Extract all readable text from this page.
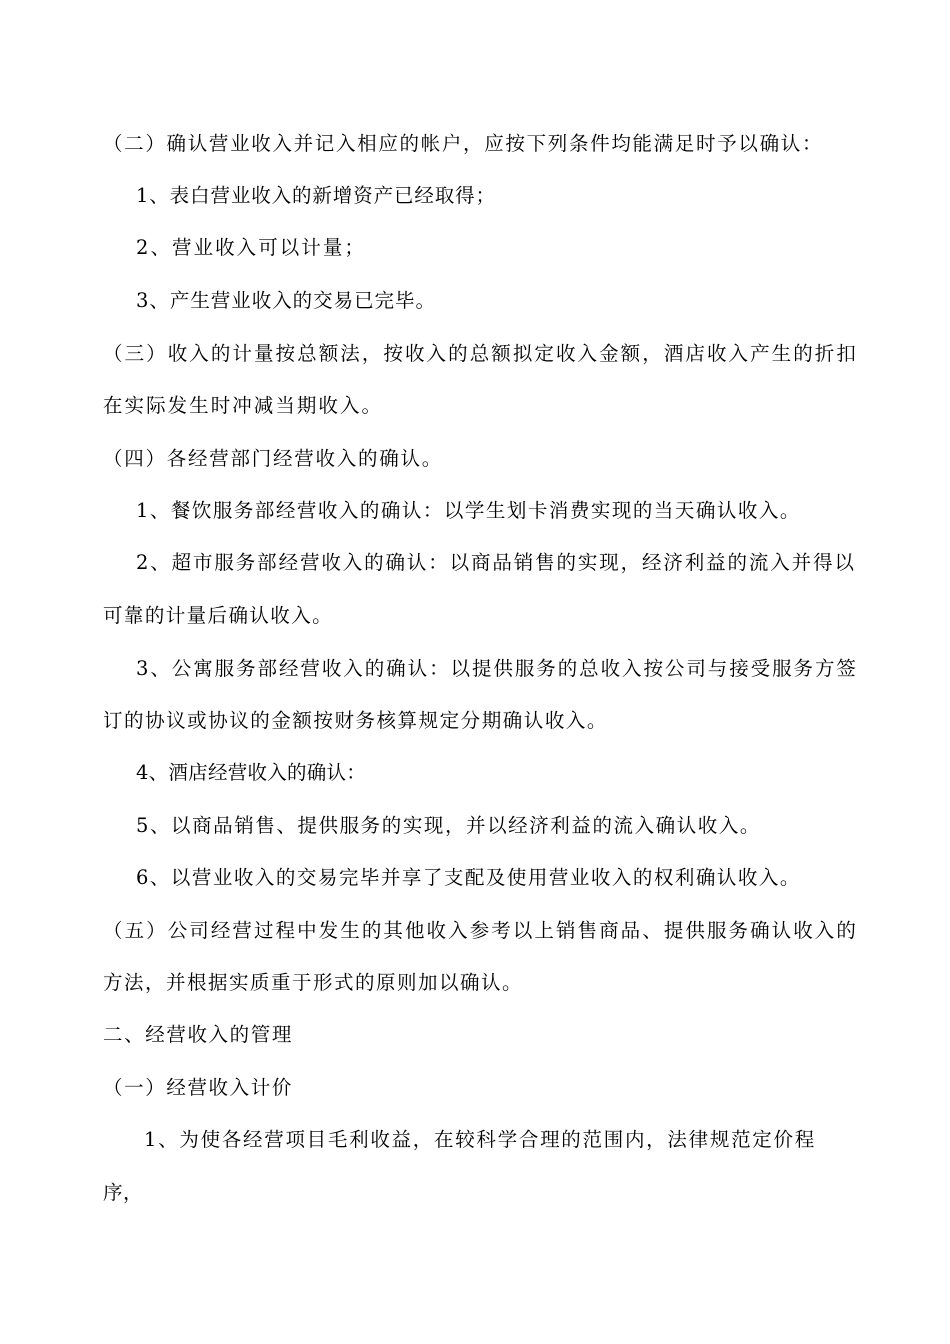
（二）确认营业收入并记入相应的帐户，应按下列条件均能满足时予以确认：
1、表白营业收入的新增资产已经取得；
2、营业收入可以计量；
3、产生营业收入的交易已完毕。
（三）收入的计量按总额法，按收入的总额拟定收入金额，酒店收入产生的折扣
在实际发生时冲减当期收入。
（四）各经营部门经营收入的确认。
1、餐饮服务部经营收入的确认：以学生划卡消费实现的当天确认收入。
2、超市服务部经营收入的确认：以商品销售的实现，经济利益的流入并得以
可靠的计量后确认收入。
3、公寓服务部经营收入的确认：以提供服务的总收入按公司与接受服务方签
订的协议或协议的金额按财务核算规定分期确认收入。
4、酒店经营收入的确认：
5、以商品销售、提供服务的实现，并以经济利益的流入确认收入。
6、以营业收入的交易完毕并享了支配及使用营业收入的权利确认收入。
（五）公司经营过程中发生的其他收入参考以上销售商品、提供服务确认收入的
方法，并根据实质重于形式的原则加以确认。
二、经营收入的管理
（一）经营收入计价
1、为使各经营项目毛利收益，在较科学合理的范围内，法律规范定价程
序，
